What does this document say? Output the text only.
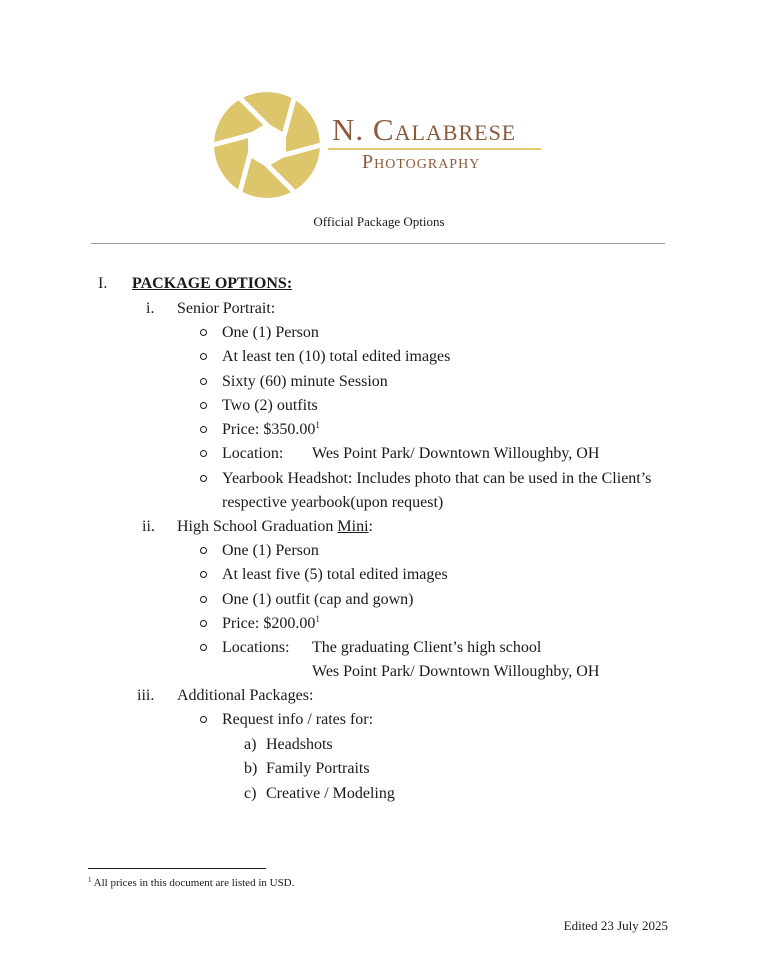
N. Calabrese
Photography
Official Package Options
I. PACKAGE OPTIONS:
i. Senior Portrait:
One (1) Person
At least ten (10) total edited images
Sixty (60) minute Session
Two (2) outfits
Price: $350.00$^1$
Location: Wes Point Park/ Downtown Willoughby, OH
Yearbook Headshot: Includes photo that can be used in the Client’s
respective yearbook(upon request)
ii. High School Graduation Mini:
One (1) Person
At least five (5) total edited images
One (1) outfit (cap and gown)
Price: $200.00$^1$
Locations: The graduating Client’s high school
Wes Point Park/ Downtown Willoughby, OH
iii. Additional Packages:
Request info / rates for:
a) Headshots
b) Family Portraits
c) Creative / Modeling
$^1$ All prices in this document are listed in USD.
Edited 23 July 2025
